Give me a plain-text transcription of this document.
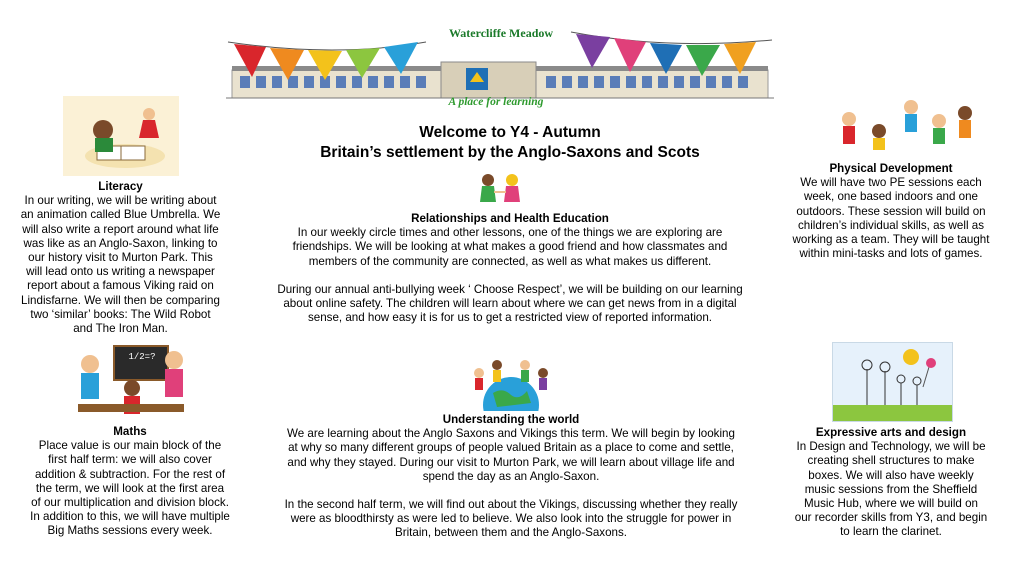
Watercliffe Meadow
A place for learning
Welcome to Y4 - Autumn
Britain’s settlement by the Anglo-Saxons and Scots
Literacy
In our writing, we will be writing about
an animation called Blue Umbrella. We
will also write a report around what life
was like as an Anglo-Saxon, linking to
our history visit to Murton Park. This
will lead onto us writing a newspaper
report about a famous Viking raid on
Lindisfarne. We will then be comparing
two ‘similar’ books: The Wild Robot
and The Iron Man.
1/2=?
Maths
Place value is our main block of the
first half term: we will also cover
addition & subtraction. For the rest of
the term, we will look at the first area
of our multiplication and division block.
In addition to this, we will have multiple
Big Maths sessions every week.
Relationships and Health Education
In our weekly circle times and other lessons, one of the things we are exploring are
friendships. We will be looking at what makes a good friend and how classmates and
members of the community are connected, as well as what makes us different.
During our annual anti-bullying week ‘ Choose Respect’, we will be building on our learning
about online safety. The children will learn about where we can get news from in a digital
sense, and how easy it is for us to get a restricted view of reported information.
Understanding the world
We are learning about the Anglo Saxons and Vikings this term. We will begin by looking
at why so many different groups of people valued Britain as a place to come and settle,
and why they stayed. During our visit to Murton Park, we will learn about village life and
spend the day as an Anglo-Saxon.
In the second half term, we will find out about the Vikings, discussing whether they really
were as bloodthirsty as were led to believe. We also look into the struggle for power in
Britain, between them and the Anglo-Saxons.
Physical Development
We will have two PE sessions each
week, one based indoors and one
outdoors. These session will build on
children’s individual skills, as well as
working as a team. They will be taught
within mini-tasks and lots of games.
Expressive arts and design
In Design and Technology, we will be
creating shell structures to make
boxes. We will also have weekly
music sessions from the Sheffield
Music Hub, where we will build on
our recorder skills from Y3, and begin
to learn the clarinet.
